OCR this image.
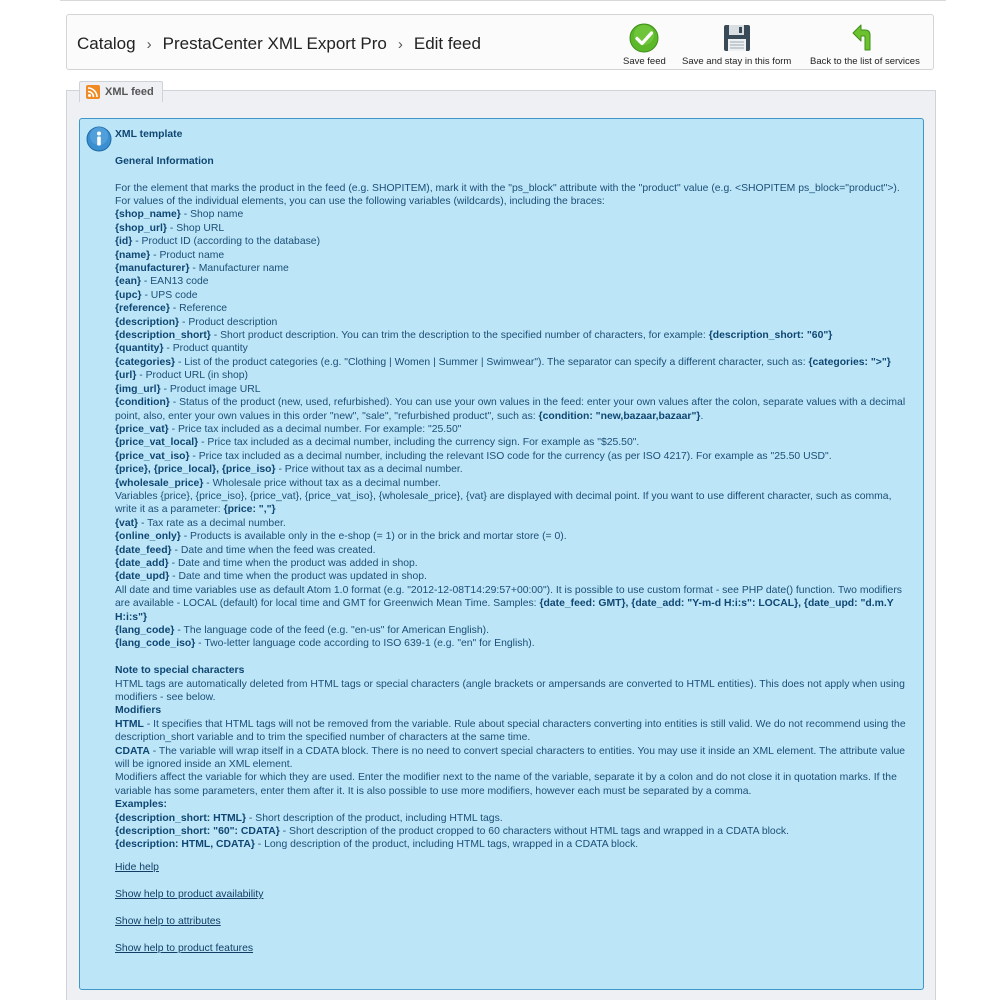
Catalog › PrestaCenter XML Export Pro › Edit feed
Save feed Save and stay in this form Back to the list of services
XML feed

XML template

General Information

For the element that marks the product in the feed (e.g. SHOPITEM), mark it with the "ps_block" attribute with the "product" value (e.g. <SHOPITEM ps_block="product">).

For values of the individual elements, you can use the following variables (wildcards), including the braces:

{shop_name} - Shop name

{shop_url} - Shop URL

{id} - Product ID (according to the database)

{name} - Product name

{manufacturer} - Manufacturer name

{ean} - EAN13 code

{upc} - UPS code

{reference} - Reference

{description} - Product description

{description_short} - Short product description. You can trim the description to the specified number of characters, for example: {description_short: "60"}

{quantity} - Product quantity

{categories} - List of the product categories (e.g. "Clothing | Women | Summer | Swimwear"). The separator can specify a different character, such as: {categories: ">"}

{url} - Product URL (in shop)

{img_url} - Product image URL

{condition} - Status of the product (new, used, refurbished). You can use your own values in the feed: enter your own values after the colon, separate values with a decimal point, also, enter your own values in this order "new", "sale", "refurbished product", such as: {condition: "new,bazaar,bazaar"}.

{price_vat} - Price tax included as a decimal number. For example: "25.50"

{price_vat_local} - Price tax included as a decimal number, including the currency sign. For example as "$25.50".

{price_vat_iso} - Price tax included as a decimal number, including the relevant ISO code for the currency (as per ISO 4217). For example as "25.50 USD".

{price}, {price_local}, {price_iso} - Price without tax as a decimal number.

{wholesale_price} - Wholesale price without tax as a decimal number.

Variables {price}, {price_iso}, {price_vat}, {price_vat_iso}, {wholesale_price}, {vat} are displayed with decimal point. If you want to use different character, such as comma, write it as a parameter: {price: ","}

{vat} - Tax rate as a decimal number.

{online_only} - Products is available only in the e-shop (= 1) or in the brick and mortar store (= 0).

{date_feed} - Date and time when the feed was created.

{date_add} - Date and time when the product was added in shop.

{date_upd} - Date and time when the product was updated in shop.

All date and time variables use as default Atom 1.0 format (e.g. "2012-12-08T14:29:57+00:00"). It is possible to use custom format - see PHP date() function. Two modifiers are available - LOCAL (default) for local time and GMT for Greenwich Mean Time. Samples: {date_feed: GMT}, {date_add: "Y-m-d H:i:s": LOCAL}, {date_upd: "d.m.Y H:i:s"}

{lang_code} - The language code of the feed (e.g. "en-us" for American English).

{lang_code_iso} - Two-letter language code according to ISO 639-1 (e.g. "en" for English).

Note to special characters

HTML tags are automatically deleted from HTML tags or special characters (angle brackets or ampersands are converted to HTML entities). This does not apply when using modifiers - see below.

Modifiers

HTML - It specifies that HTML tags will not be removed from the variable. Rule about special characters converting into entities is still valid. We do not recommend using the description_short variable and to trim the specified number of characters at the same time.

CDATA - The variable will wrap itself in a CDATA block. There is no need to convert special characters to entities. You may use it inside an XML element. The attribute value will be ignored inside an XML element.

Modifiers affect the variable for which they are used. Enter the modifier next to the name of the variable, separate it by a colon and do not close it in quotation marks. If the variable has some parameters, enter them after it. It is also possible to use more modifiers, however each must be separated by a comma.

Examples:

{description_short: HTML} - Short description of the product, including HTML tags.

{description_short: "60": CDATA} - Short description of the product cropped to 60 characters without HTML tags and wrapped in a CDATA block.

{description: HTML, CDATA} - Long description of the product, including HTML tags, wrapped in a CDATA block.

Hide help
Show help to product availability
Show help to attributes
Show help to product features
